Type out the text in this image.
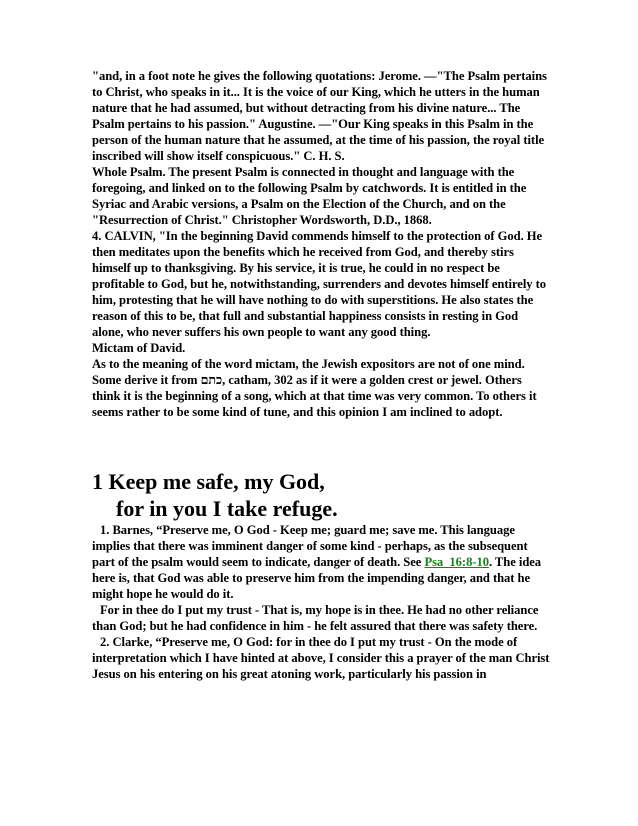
"and, in a foot note he gives the following quotations: Jerome. —"The Psalm pertains to Christ, who speaks in it... It is the voice of our King, which he utters in the human nature that he had assumed, but without detracting from his divine nature... The Psalm pertains to his passion." Augustine. —"Our King speaks in this Psalm in the person of the human nature that he assumed, at the time of his passion, the royal title inscribed will show itself conspicuous." C. H. S.

Whole Psalm. The present Psalm is connected in thought and language with the foregoing, and linked on to the following Psalm by catchwords. It is entitled in the Syriac and Arabic versions, a Psalm on the Election of the Church, and on the "Resurrection of Christ." Christopher Wordsworth, D.D., 1868.

4. CALVIN, "In the beginning David commends himself to the protection of God. He then meditates upon the benefits which he received from God, and thereby stirs himself up to thanksgiving. By his service, it is true, he could in no respect be profitable to God, but he, notwithstanding, surrenders and devotes himself entirely to him, protesting that he will have nothing to do with superstitions. He also states the reason of this to be, that full and substantial happiness consists in resting in God alone, who never suffers his own people to want any good thing.

Mictam of David.

As to the meaning of the word mictam, the Jewish expositors are not of one mind. Some derive it from כתם, catham, 302 as if it were a golden crest or jewel. Others think it is the beginning of a song, which at that time was very common. To others it seems rather to be some kind of tune, and this opinion I am inclined to adopt.

1 Keep me safe, my God,
for in you I take refuge.

1. Barnes, “Preserve me, O God - Keep me; guard me; save me. This language implies that there was imminent danger of some kind - perhaps, as the subsequent part of the psalm would seem to indicate, danger of death. See Psa_16:8-10. The idea here is, that God was able to preserve him from the impending danger, and that he might hope he would do it.

For in thee do I put my trust - That is, my hope is in thee. He had no other reliance than God; but he had confidence in him - he felt assured that there was safety there.

2. Clarke, “Preserve me, O God: for in thee do I put my trust - On the mode of interpretation which I have hinted at above, I consider this a prayer of the man Christ Jesus on his entering on his great atoning work, particularly his passion in
